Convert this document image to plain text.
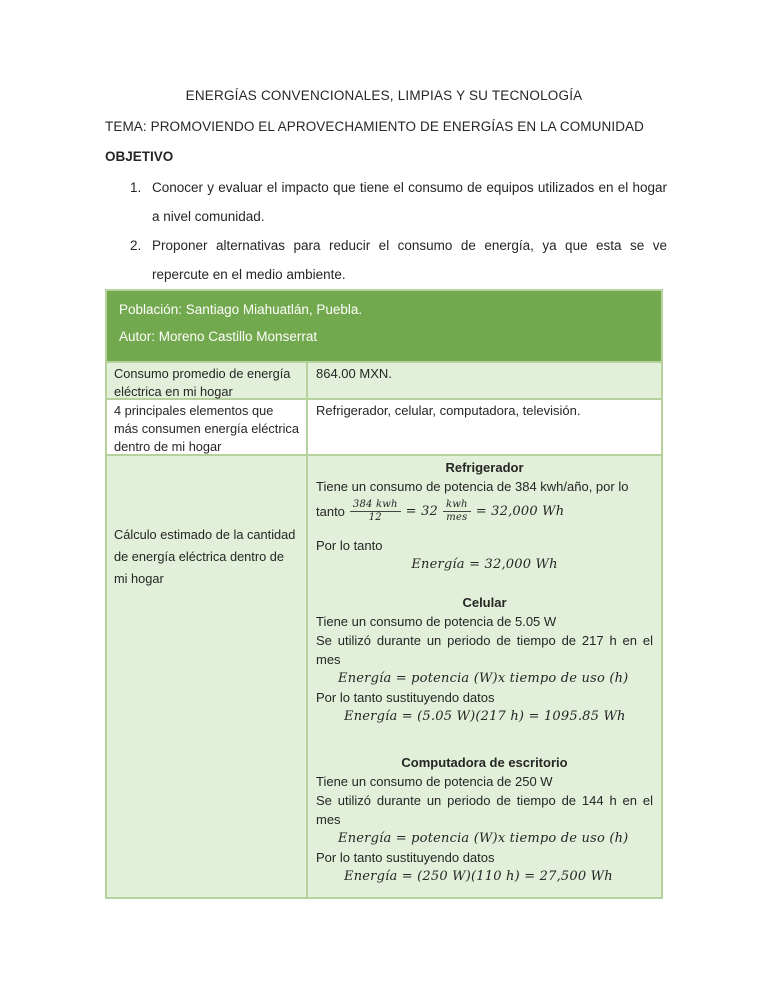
ENERGÍAS CONVENCIONALES, LIMPIAS Y SU TECNOLOGÍA
TEMA: PROMOVIENDO EL APROVECHAMIENTO DE ENERGÍAS EN LA COMUNIDAD
OBJETIVO
1. Conocer y evaluar el impacto que tiene el consumo de equipos utilizados en el hogar a nivel comunidad.
2. Proponer alternativas para reducir el consumo de energía, ya que esta se ve repercute en el medio ambiente.
Población: Santiago Miahuatlán, Puebla.
Autor: Moreno Castillo Monserrat
Consumo promedio de energía eléctrica en mi hogar
864.00 MXN.
4 principales elementos que más consumen energía eléctrica dentro de mi hogar
Refrigerador, celular, computadora, televisión.
Cálculo estimado de la cantidad de energía eléctrica dentro de mi hogar

Refrigerador

Tiene un consumo de potencia de 384 kwh/año, por lo

tanto $\frac{\text{384 kwh}}{12} = 32 \frac{\text{kwh}}{\text{mes}} = 32,000$ Wh

Por lo tanto

Energía = 32,000 Wh

Celular

Tiene un consumo de potencia de 5.05 W

Se utilizó durante un periodo de tiempo de 217 h en el mes

Energía = potencia (W)x tiempo de uso (h)

Por lo tanto sustituyendo datos

Energía = (5.05 W)(217 h) = 1095.85 Wh

Computadora de escritorio

Tiene un consumo de potencia de 250 W

Se utilizó durante un periodo de tiempo de 144 h en el mes

Energía = potencia (W)x tiempo de uso (h)

Por lo tanto sustituyendo datos

Energía = (250 W)(110 h) = 27,500 Wh
